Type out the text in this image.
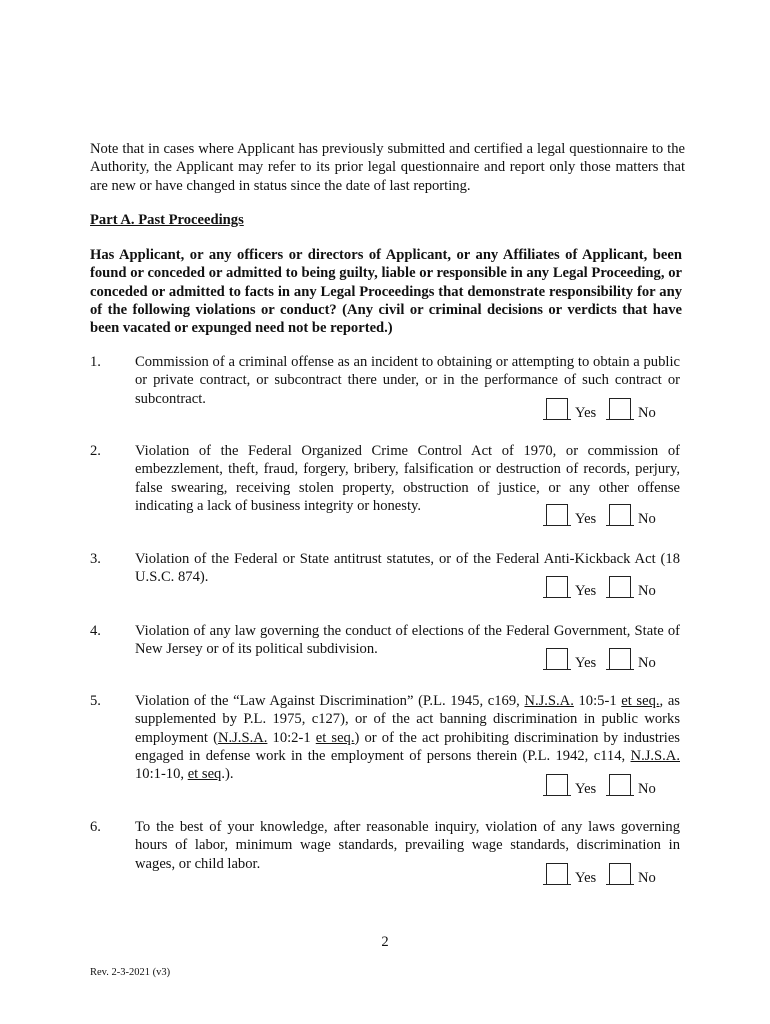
Note that in cases where Applicant has previously submitted and certified a legal questionnaire to the Authority, the Applicant may refer to its prior legal questionnaire and report only those matters that are new or have changed in status since the date of last reporting.
Part A. Past Proceedings
Has Applicant, or any officers or directors of Applicant, or any Affiliates of Applicant, been found or conceded or admitted to being guilty, liable or responsible in any Legal Proceeding, or conceded or admitted to facts in any Legal Proceedings that demonstrate responsibility for any of the following violations or conduct? (Any civil or criminal decisions or verdicts that have been vacated or expunged need not be reported.)
1. Commission of a criminal offense as an incident to obtaining or attempting to obtain a public or private contract, or subcontract there under, or in the performance of such contract or subcontract.
Yes	No
2. Violation of the Federal Organized Crime Control Act of 1970, or commission of embezzlement, theft, fraud, forgery, bribery, falsification or destruction of records, perjury, false swearing, receiving stolen property, obstruction of justice, or any other offense indicating a lack of business integrity or honesty.
Yes	No
3. Violation of the Federal or State antitrust statutes, or of the Federal Anti-Kickback Act (18 U.S.C. 874).
Yes	No
4. Violation of any law governing the conduct of elections of the Federal Government, State of New Jersey or of its political subdivision.
Yes	No
5. Violation of the “Law Against Discrimination” (P.L. 1945, c169, N.J.S.A. 10:5-1 et seq., as supplemented by P.L. 1975, c127), or of the act banning discrimination in public works employment (N.J.S.A. 10:2-1 et seq.) or of the act prohibiting discrimination by industries engaged in defense work in the employment of persons therein (P.L. 1942, c114, N.J.S.A. 10:1-10, et seq.).
Yes	No
6. To the best of your knowledge, after reasonable inquiry, violation of any laws governing hours of labor, minimum wage standards, prevailing wage standards, discrimination in wages, or child labor.
Yes	No
2
Rev. 2-3-2021 (v3)
